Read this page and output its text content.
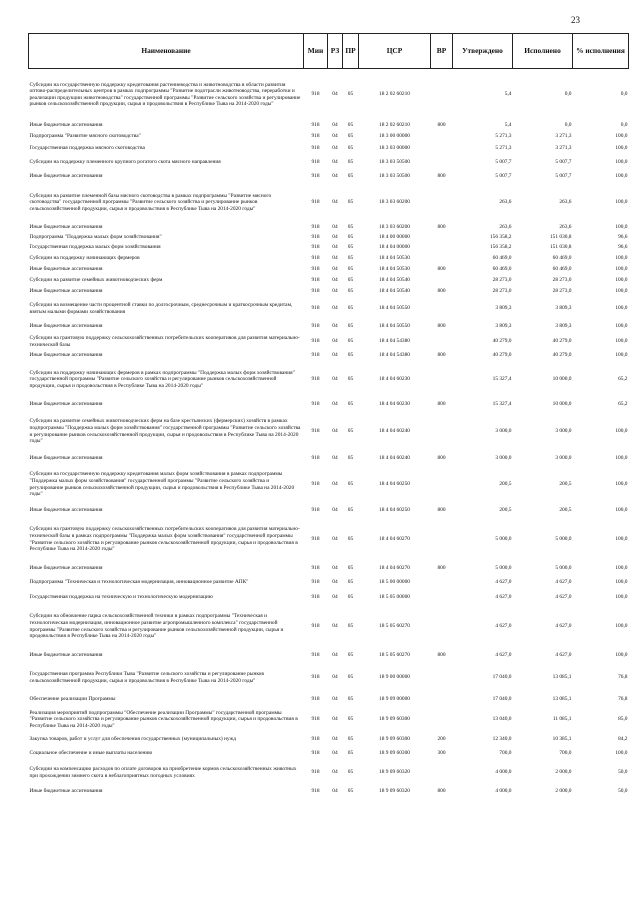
23
Наименование	Мин	РЗ	ПР	ЦСР	ВР	Утверждено	Исполнено	% исполнения
Субсидии на государственную поддержку кредитования растениеводства и животноводства в области развития оптово-распределительных центров в рамках подпрограммы "Развитие подотрасли животноводства, переработки и реализации продукции животноводства" государственной программы "Развитие сельского хозяйства и регулирование рынков сельскохозяйственной продукции, сырья и продовольствия в Республике Тыва на 2014-2020 годы"	918	04	05	18 2 02 60210		5,4	0,0	0,0
Иные бюджетные ассигнования	918	04	05	18 2 02 60210	800	5,4	0,0	0,0
Подпрограмма "Развитие мясного скотоводства"	918	04	05	18 3 00 00000		5 271,3	3 271,3	100,0
Государственная поддержка мясного скотоводства	918	04	05	18 3 03 00000		5 271,3	3 271,3	100,0
Субсидии на поддержку племенного крупного рогатого скота мясного направления	918	04	05	18 3 03 50500		5 007,7	5 007,7	100,0
Иные бюджетные ассигнования	918	04	05	18 3 03 50500	800	5 007,7	5 007,7	100,0
Субсидии на развитие племенной базы мясного скотоводства в рамках подпрограммы "Развитие мясного скотоводства" государственной программы "Развитие сельского хозяйства и регулирование рынков сельскохозяйственной продукции, сырья и продовольствия в Республике Тыва на 2014-2020 годы"	918	04	05	18 3 03 60200		263,6	263,6	100,0
Иные бюджетные ассигнования	918	04	05	18 3 03 60200	800	263,6	263,6	100,0
Подпрограмма "Поддержка малых форм хозяйствования"	918	04	05	18 4 00 00000		156 358,2	151 030,8	96,6
Государственная поддержка малых форм хозяйствования	918	04	05	18 4 04 00000		156 358,2	151 030,8	96,6
Субсидии на поддержку начинающих фермеров	918	04	05	18 4 04 50530		60 469,0	60 469,0	100,0
Иные бюджетные ассигнования	918	04	05	18 4 04 50530	800	60 469,0	60 469,0	100,0
Субсидии на развитие семейных животноводческих ферм	918	04	05	18 4 04 50540		28 273,0	28 273,0	100,0
Иные бюджетные ассигнования	918	04	05	18 4 04 50540	800	28 273,0	28 273,0	100,0
Субсидии на возмещение части процентной ставки по долгосрочным, среднесрочным и краткосрочным кредитам, взятым малыми формами хозяйствования	918	04	05	18 4 04 50550		3 809,3	3 809,3	100,0
Иные бюджетные ассигнования	918	04	05	18 4 04 50550	800	3 809,3	3 809,3	100,0
Субсидии на грантовую поддержку сельскохозяйственных потребительских кооперативов для развития материально-технической базы	918	04	05	18 4 04 54380		40 279,0	40 279,0	100,0
Иные бюджетные ассигнования	918	04	05	18 4 04 54380	800	40 279,0	40 279,0	100,0
Субсидии на поддержку начинающих фермеров в рамках подпрограммы "Поддержка малых форм хозяйствования" государственной программы "Развитие сельского хозяйства и регулирование рынков сельскохозяйственной продукции, сырья и продовольствия в Республике Тыва на 2014-2020 годы"	918	04	05	18 4 04 60230		15 327,4	10 000,0	65,2
Иные бюджетные ассигнования	918	04	05	18 4 04 60230	800	15 327,4	10 000,0	65,2
Субсидии на развитие семейных животноводческих ферм на базе крестьянских (фермерских) хозяйств в рамках подпрограммы "Поддержка малых форм хозяйствования" государственной программы "Развитие сельского хозяйства и регулирование рынков сельскохозяйственной продукции, сырья и продовольствия в Республике Тыва на 2014-2020 годы"	918	04	05	18 4 04 60240		3 000,0	3 000,0	100,0
Иные бюджетные ассигнования	918	04	05	18 4 04 60240	800	3 000,0	3 000,0	100,0
Субсидии на государственную поддержку кредитования малых форм хозяйствования в рамках подпрограммы "Поддержка малых форм хозяйствования" государственной программы "Развитие сельского хозяйства и регулирование рынков сельскохозяйственной продукции, сырья и продовольствия в Республике Тыва на 2014-2020 годы"	918	04	05	18 4 04 60250		200,5	200,5	100,0
Иные бюджетные ассигнования	918	04	05	18 4 04 60250	800	200,5	200,5	100,0
Субсидии на грантовую поддержку сельскохозяйственных потребительских кооперативов для развития материально-технической базы в рамках подпрограммы "Поддержка малых форм хозяйствования" государственной программы "Развитие сельского хозяйства и регулирование рынков сельскохозяйственной продукции, сырья и продовольствия в Республике Тыва на 2014-2020 годы"	918	04	05	18 4 04 60270		5 000,0	5 000,0	100,0
Иные бюджетные ассигнования	918	04	05	18 4 04 60270	800	5 000,0	5 000,0	100,0
Подпрограмма "Техническая и технологическая модернизация, инновационное развитие АПК"	918	04	05	18 5 00 00000		4 627,0	4 627,0	100,0
Государственная поддержка на техническую и технологическую модернизацию	918	04	05	18 5 05 00000		4 627,0	4 627,0	100,0
Субсидии на обновление парка сельскохозяйственной техники в рамках подпрограммы "Техническая и технологическая модернизация, инновационное развитие агропромышленного комплекса" государственной программы "Развитие сельского хозяйства и регулирование рынков сельскохозяйственной продукции, сырья и продовольствия в Республике Тыва на 2014-2020 годы"	918	04	05	18 5 05 60270		4 627,0	4 627,0	100,0
Иные бюджетные ассигнования	918	04	05	18 5 05 60270	800	4 627,0	4 627,0	100,0
Государственная программа Республики Тыва "Развитие сельского хозяйства и регулирование рынков сельскохозяйственной продукции, сырья и продовольствия в Республике Тыва на 2014-2020 годы"	918	04	05	18 9 00 00000		17 040,0	13 085,1	76,8
Обеспечение реализации Программы	918	04	05	18 9 09 00000		17 040,0	13 085,1	76,8
Реализация мероприятий подпрограммы "Обеспечение реализации Программы" государственной программы "Развитие сельского хозяйства и регулирование рынков сельскохозяйственной продукции, сырья и продовольствия в Республике Тыва на 2014-2020 годы"	918	04	05	18 9 09 60300		13 040,0	11 085,1	85,0
Закупка товаров, работ и услуг для обеспечения государственных (муниципальных) нужд	918	04	05	18 9 09 60300	200	12 340,0	10 385,1	84,2
Социальное обеспечение и иные выплаты населению	918	04	05	18 9 09 60300	300	700,0	700,0	100,0
Субсидии на компенсацию расходов по оплате договоров на приобретение кормов сельскохозяйственных животных при прохождении зимнего скота в неблагоприятных погодных условиях	918	04	05	18 9 09 60320		4 000,0	2 000,0	50,0
Иные бюджетные ассигнования	918	04	05	18 9 09 60320	800	4 000,0	2 000,0	50,0
